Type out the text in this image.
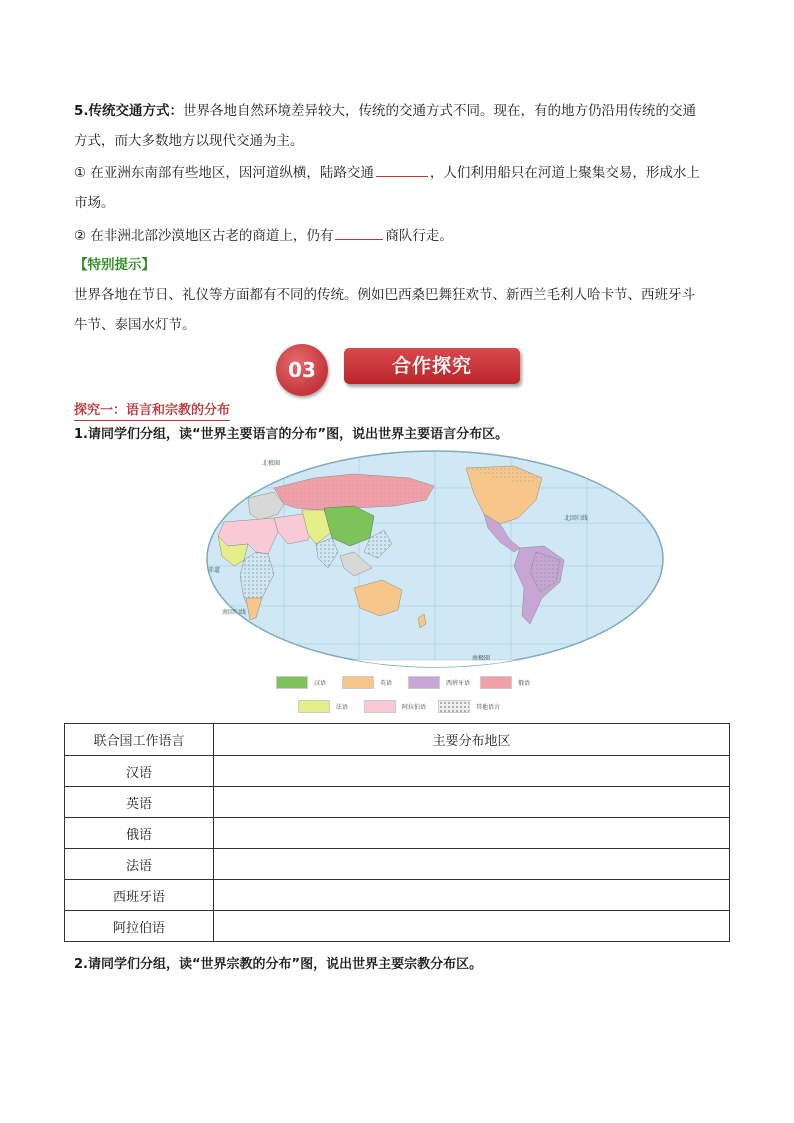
5.传统交通方式：世界各地自然环境差异较大，传统的交通方式不同。现在，有的地方仍沿用传统的交通
方式，而大多数地方以现代交通为主。
① 在亚洲东南部有些地区，因河道纵横，陆路交通	，人们利用船只在河道上聚集交易，形成水上
市场。
② 在非洲北部沙漠地区古老的商道上，仍有	商队行走。
【特别提示】
世界各地在节日、礼仪等方面都有不同的传统。例如巴西桑巴舞狂欢节、新西兰毛利人哈卡节、西班牙斗
牛节、泰国水灯节。
03	合作探究
探究一：语言和宗教的分布
1.请同学们分组，读“世界主要语言的分布”图，说出世界主要语言分布区。
北极圈
北回归线
赤道
南回归线
南极圈
汉语	英语	西班牙语	俄语
法语	阿拉伯语	其他语言
联合国工作语言	主要分布地区
汉语	
英语	
俄语	
法语	
西班牙语	
阿拉伯语	
2.请同学们分组，读“世界宗教的分布”图，说出世界主要宗教分布区。
